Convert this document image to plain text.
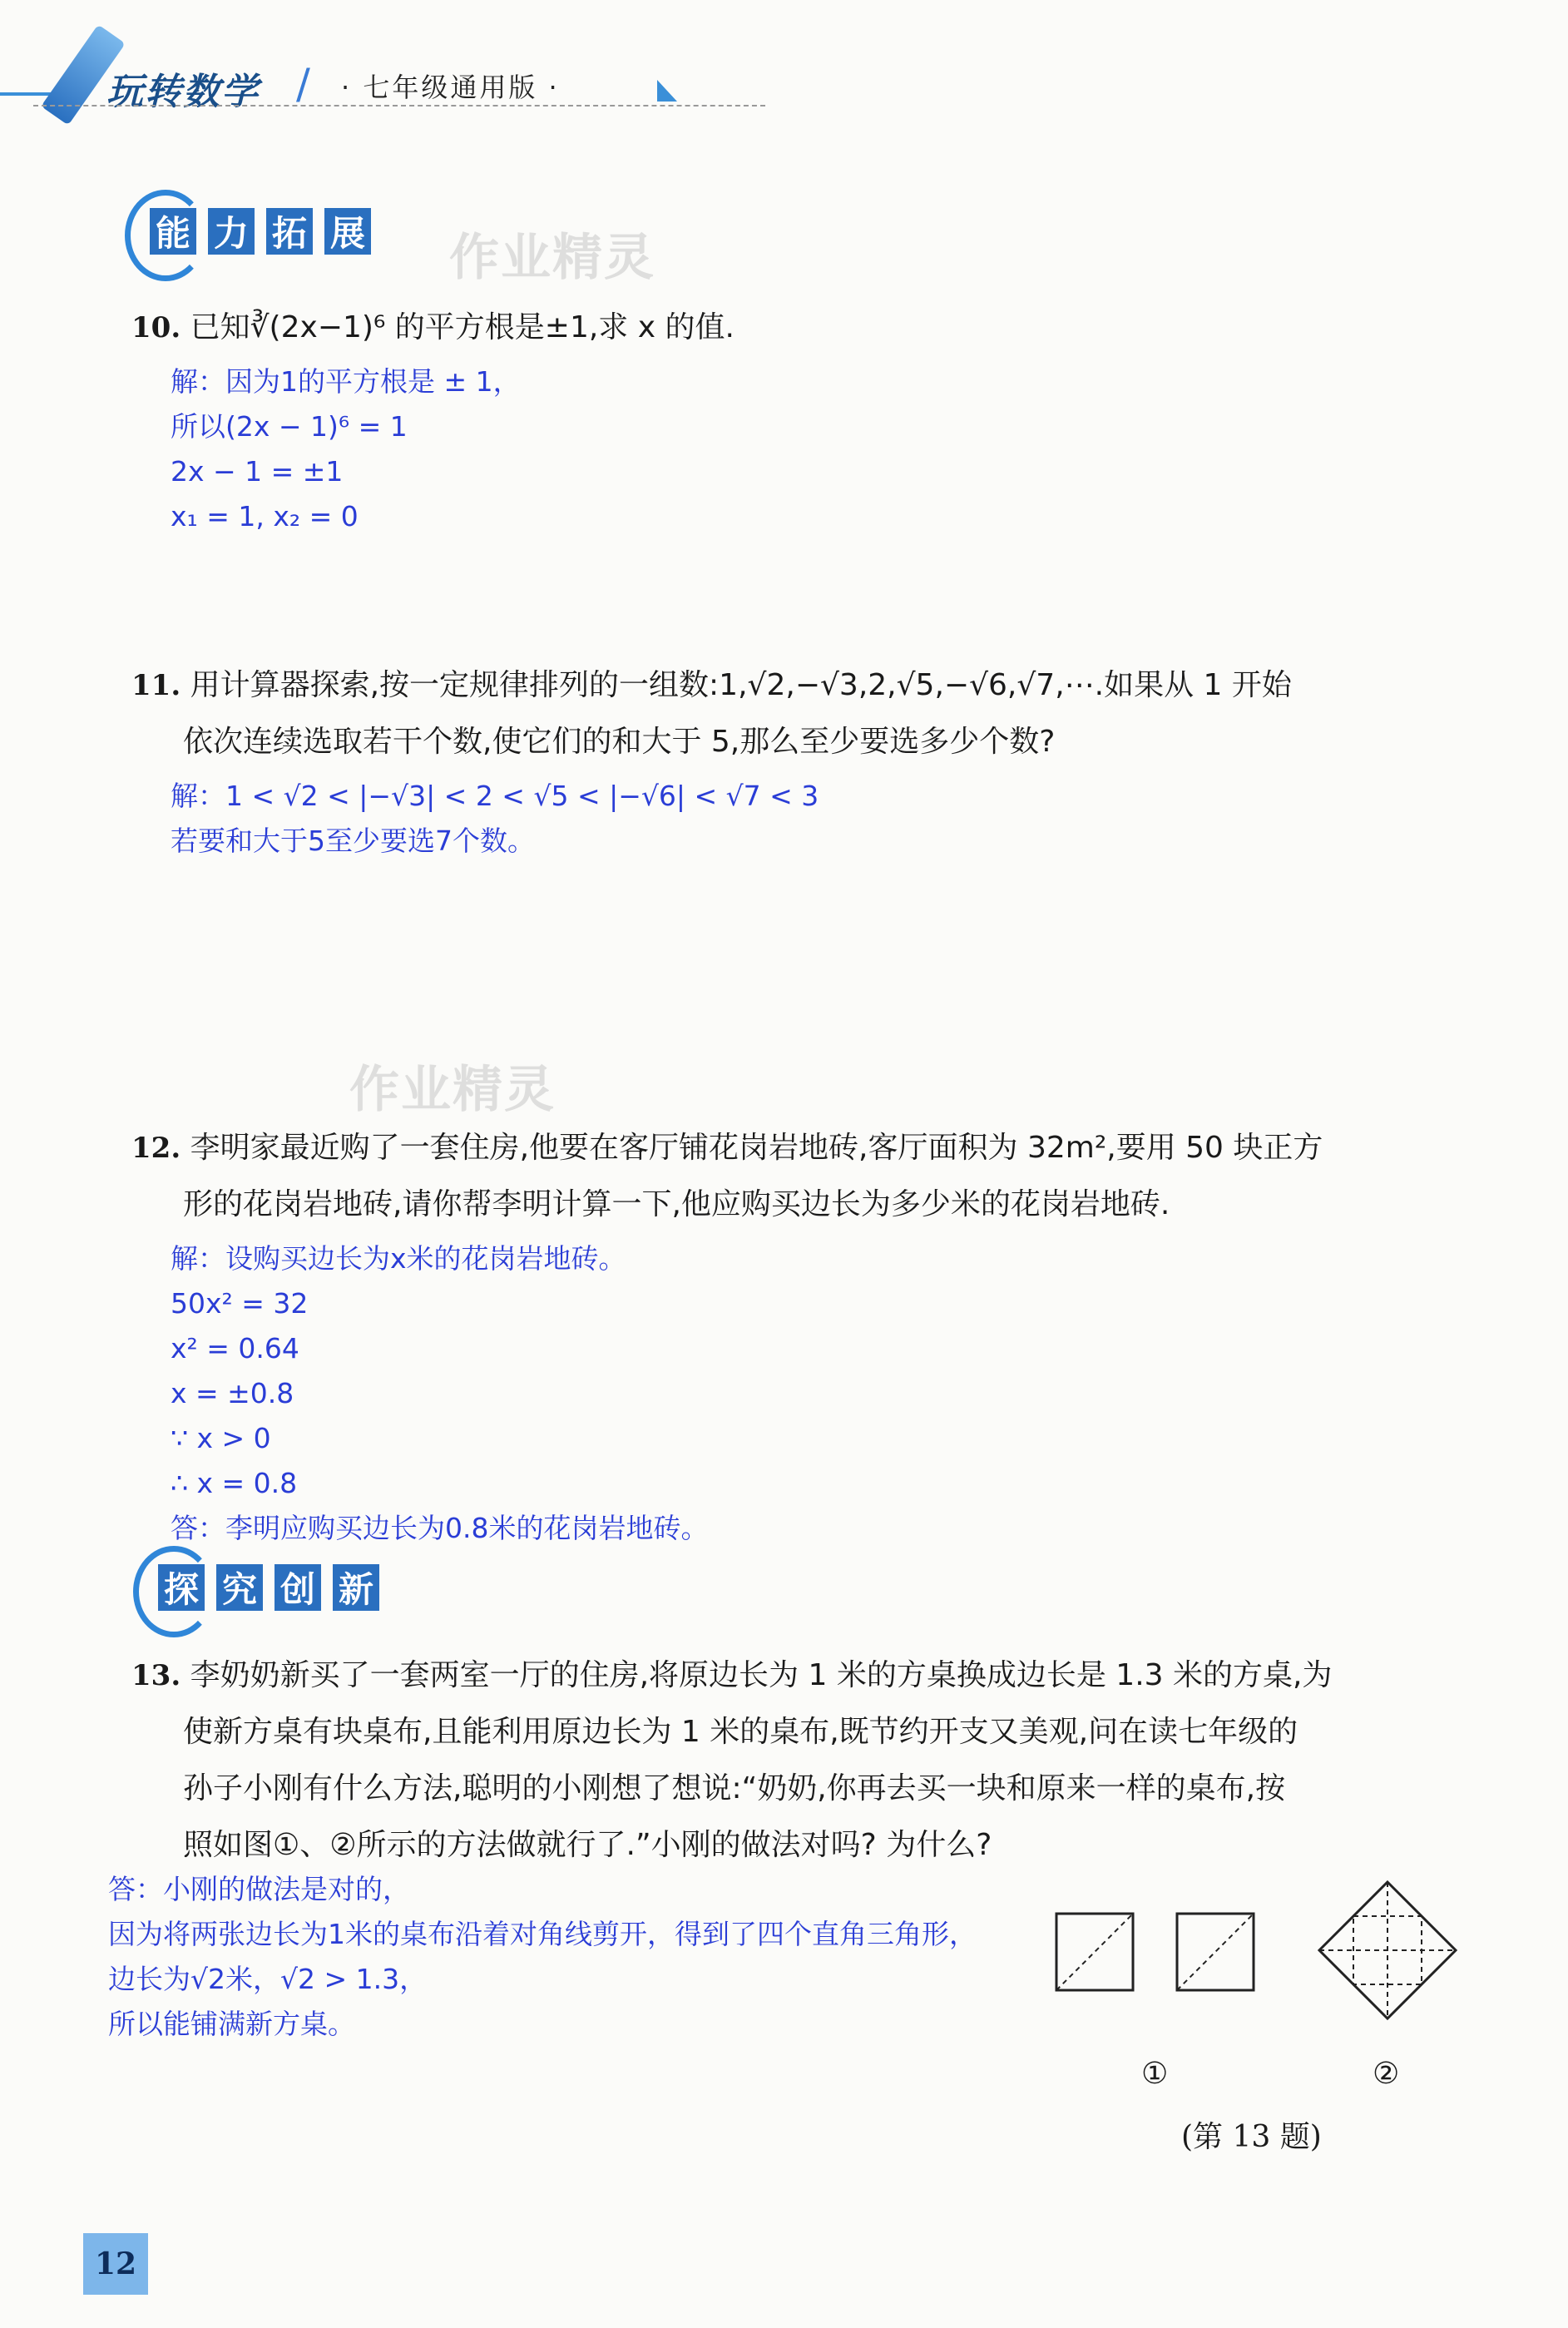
玩转数学 / · 七年级通用版 ·
能 力 拓 展 作业精灵
10. 已知∛(2x−1)⁶ 的平方根是±1,求 x 的值.
解：因为1的平方根是 ± 1，
所以(2x − 1)⁶ = 1
2x − 1 = ±1
x₁ = 1, x₂ = 0
11. 用计算器探索,按一定规律排列的一组数:1,√2,−√3,2,√5,−√6,√7,⋯.如果从 1 开始
依次连续选取若干个数,使它们的和大于 5,那么至少要选多少个数?
解：1 < √2 < |−√3| < 2 < √5 < |−√6| < √7 < 3
若要和大于5至少要选7个数。
作业精灵
12. 李明家最近购了一套住房,他要在客厅铺花岗岩地砖,客厅面积为 32m²,要用 50 块正方
形的花岗岩地砖,请你帮李明计算一下,他应购买边长为多少米的花岗岩地砖.
解：设购买边长为x米的花岗岩地砖。
50x² = 32
x² = 0.64
x = ±0.8
∵ x > 0
∴ x = 0.8
答：李明应购买边长为0.8米的花岗岩地砖。
探 究 创 新
13. 李奶奶新买了一套两室一厅的住房,将原边长为 1 米的方桌换成边长是 1.3 米的方桌,为
使新方桌有块桌布,且能利用原边长为 1 米的桌布,既节约开支又美观,问在读七年级的
孙子小刚有什么方法,聪明的小刚想了想说:“奶奶,你再去买一块和原来一样的桌布,按
照如图①、②所示的方法做就行了.”小刚的做法对吗? 为什么?
答：小刚的做法是对的，
因为将两张边长为1米的桌布沿着对角线剪开，得到了四个直角三角形，
边长为√2米，√2 > 1.3，
所以能铺满新方桌。
①	②
(第 13 题)
12
